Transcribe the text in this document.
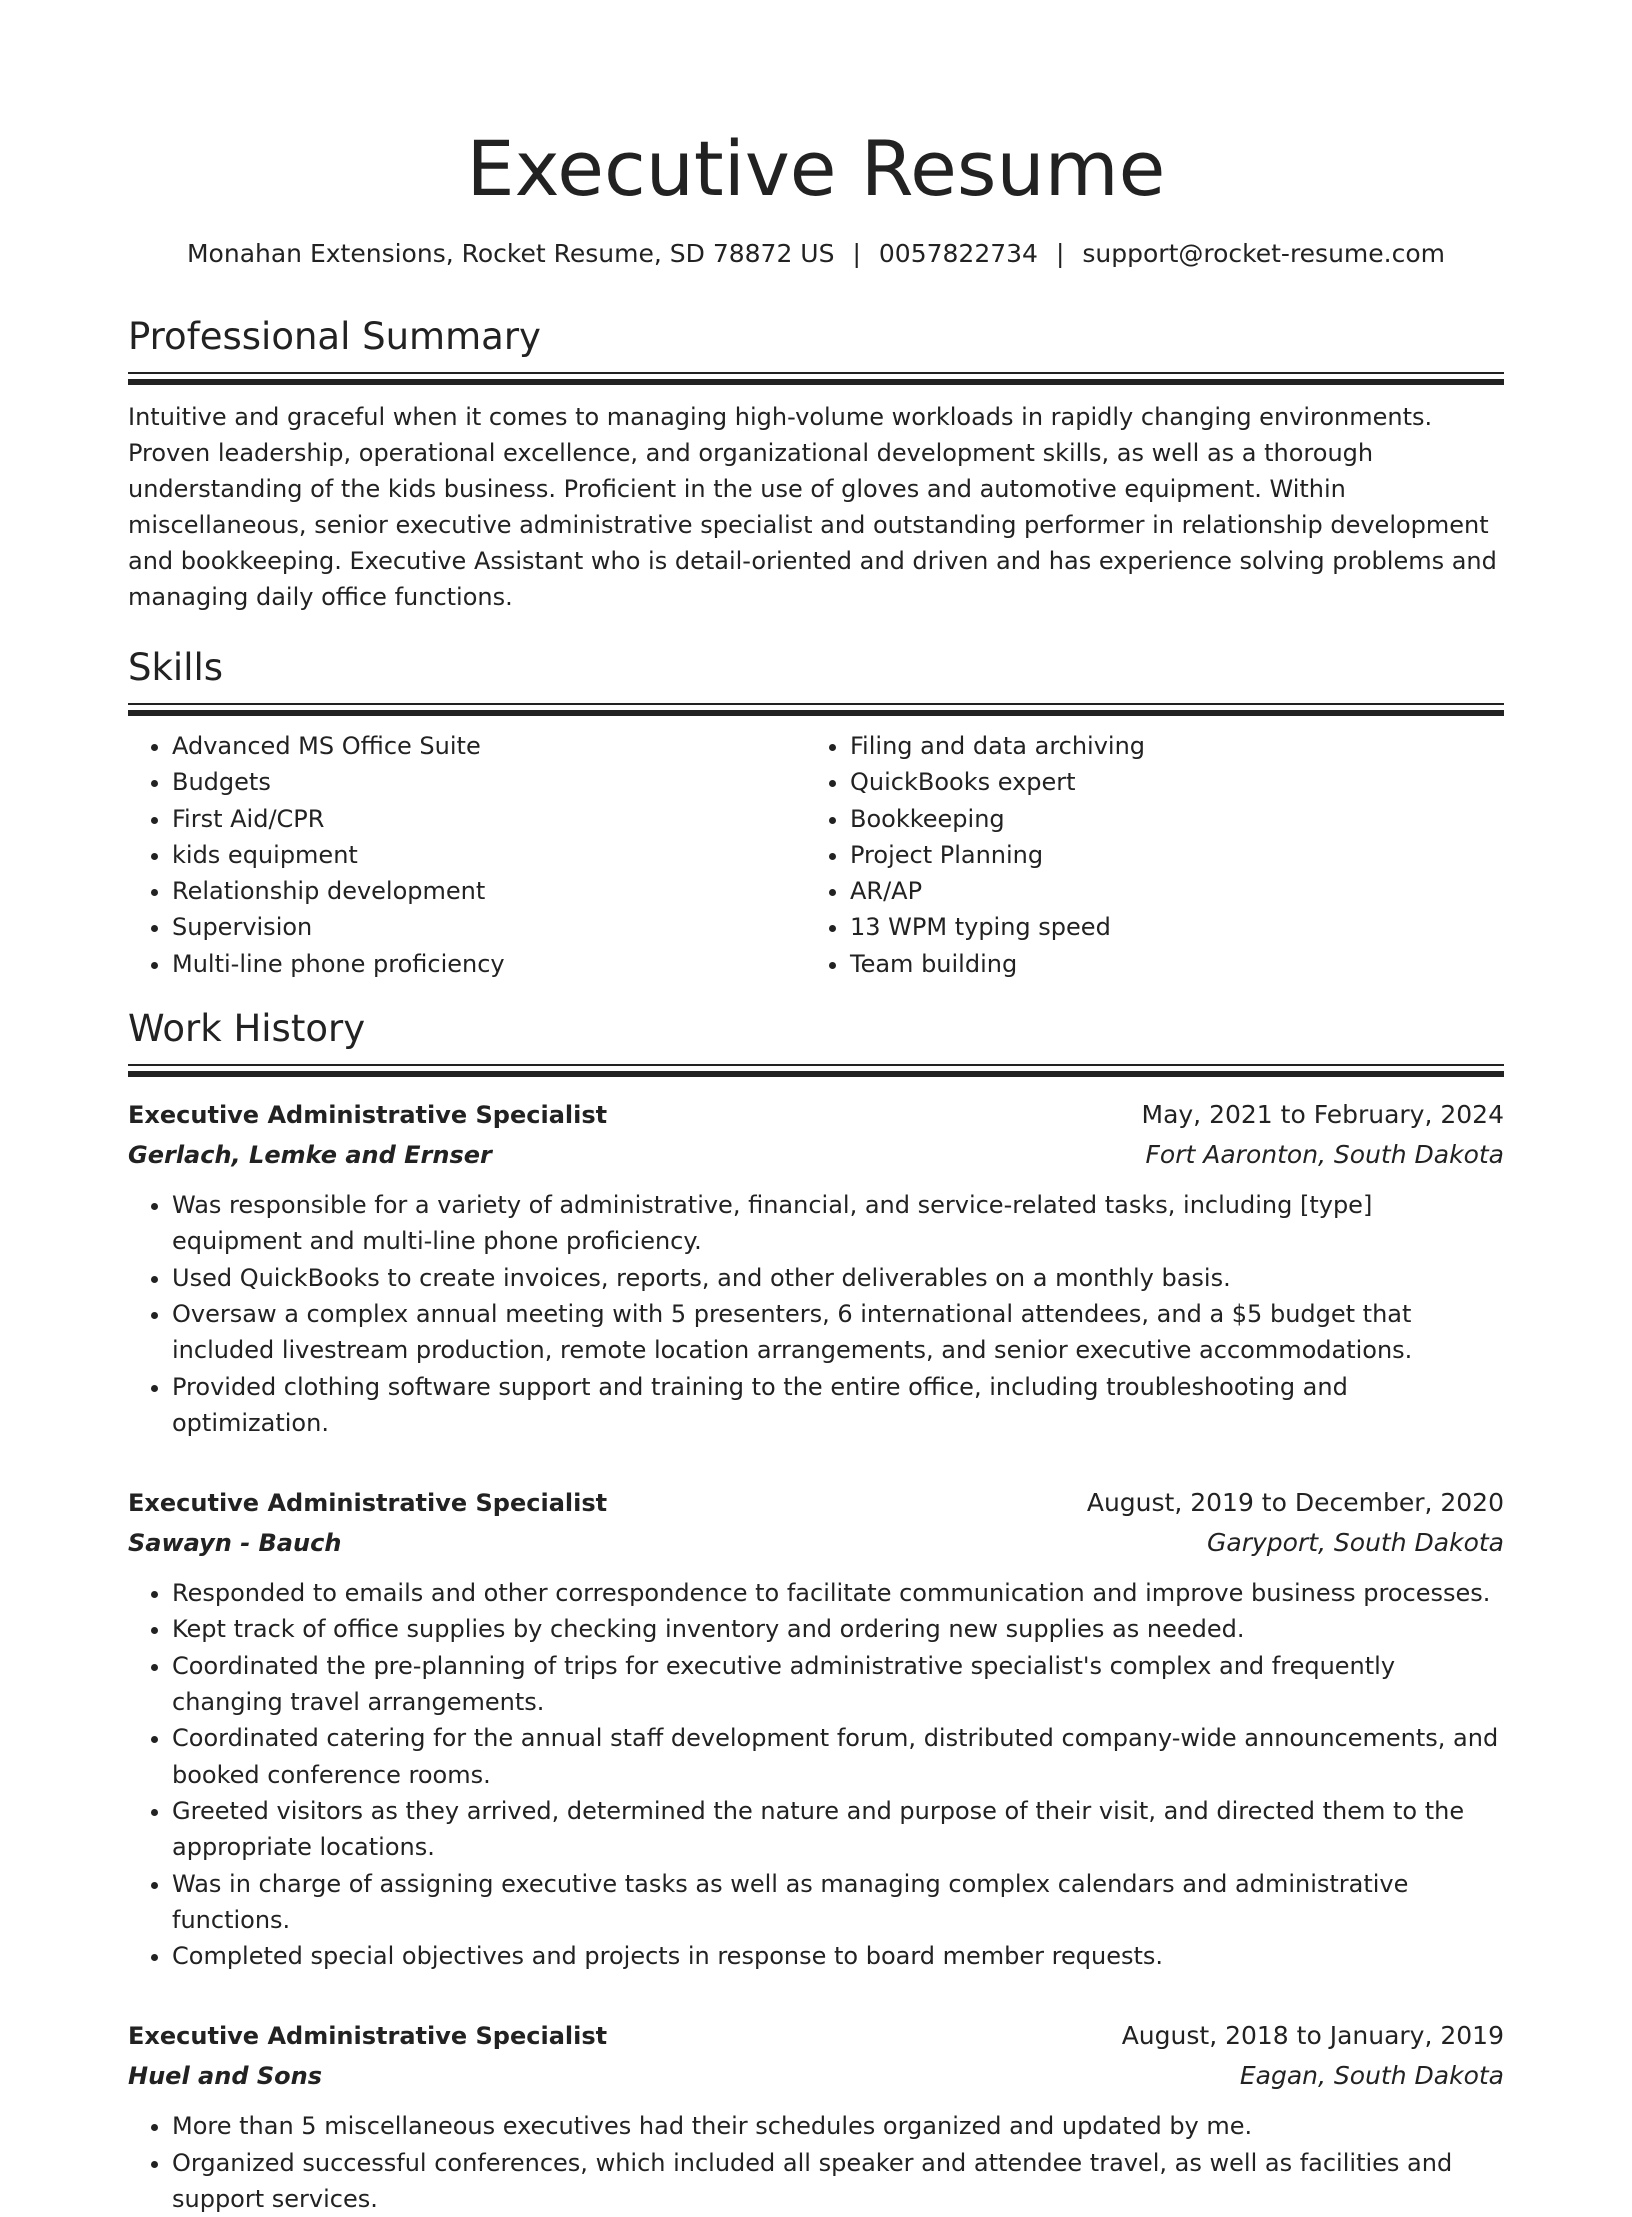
Executive Resume
Monahan Extensions, Rocket Resume, SD 78872 US | 0057822734 | support@rocket-resume.com
Professional Summary

Intuitive and graceful when it comes to managing high-volume workloads in rapidly changing environments. Proven leadership, operational excellence, and organizational development skills, as well as a thorough understanding of the kids business. Proficient in the use of gloves and automotive equipment. Within miscellaneous, senior executive administrative specialist and outstanding performer in relationship development and bookkeeping. Executive Assistant who is detail-oriented and driven and has experience solving problems and managing daily office functions.

Skills
• Advanced MS Office Suite
• Budgets
• First Aid/CPR
• kids equipment
• Relationship development
• Supervision
• Multi-line phone proficiency
• Filing and data archiving
• QuickBooks expert
• Bookkeeping
• Project Planning
• AR/AP
• 13 WPM typing speed
• Team building
Work History
Executive Administrative Specialist	May, 2021 to February, 2024
Gerlach, Lemke and Ernser	Fort Aaronton, South Dakota
• Was responsible for a variety of administrative, financial, and service-related tasks, including [type] equipment and multi-line phone proficiency.
• Used QuickBooks to create invoices, reports, and other deliverables on a monthly basis.
• Oversaw a complex annual meeting with 5 presenters, 6 international attendees, and a $5 budget that included livestream production, remote location arrangements, and senior executive accommodations.
• Provided clothing software support and training to the entire office, including troubleshooting and optimization.
Executive Administrative Specialist	August, 2019 to December, 2020
Sawayn - Bauch	Garyport, South Dakota
• Responded to emails and other correspondence to facilitate communication and improve business processes.
• Kept track of office supplies by checking inventory and ordering new supplies as needed.
• Coordinated the pre-planning of trips for executive administrative specialist's complex and frequently changing travel arrangements.
• Coordinated catering for the annual staff development forum, distributed company-wide announcements, and booked conference rooms.
• Greeted visitors as they arrived, determined the nature and purpose of their visit, and directed them to the appropriate locations.
• Was in charge of assigning executive tasks as well as managing complex calendars and administrative functions.
• Completed special objectives and projects in response to board member requests.
Executive Administrative Specialist	August, 2018 to January, 2019
Huel and Sons	Eagan, South Dakota
• More than 5 miscellaneous executives had their schedules organized and updated by me.
• Organized successful conferences, which included all speaker and attendee travel, as well as facilities and support services.
